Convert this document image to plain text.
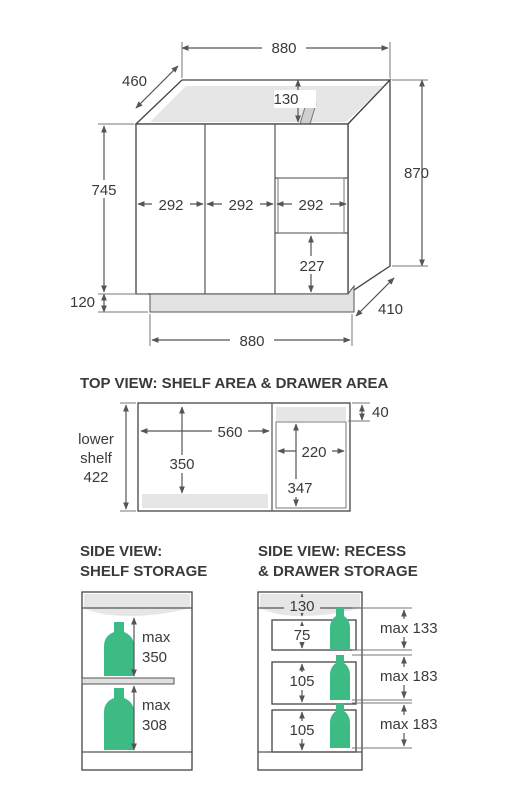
880
460
130
745
870
292	292	292
227
120	410
880
TOP VIEW: SHELF AREA & DRAWER AREA
lower
shelf
422
560
350
40
220
347
SIDE VIEW:
SHELF STORAGE
max
350
max
308
SIDE VIEW: RECESS
& DRAWER STORAGE
130
75
105
105
max 133
max 183
max 183
